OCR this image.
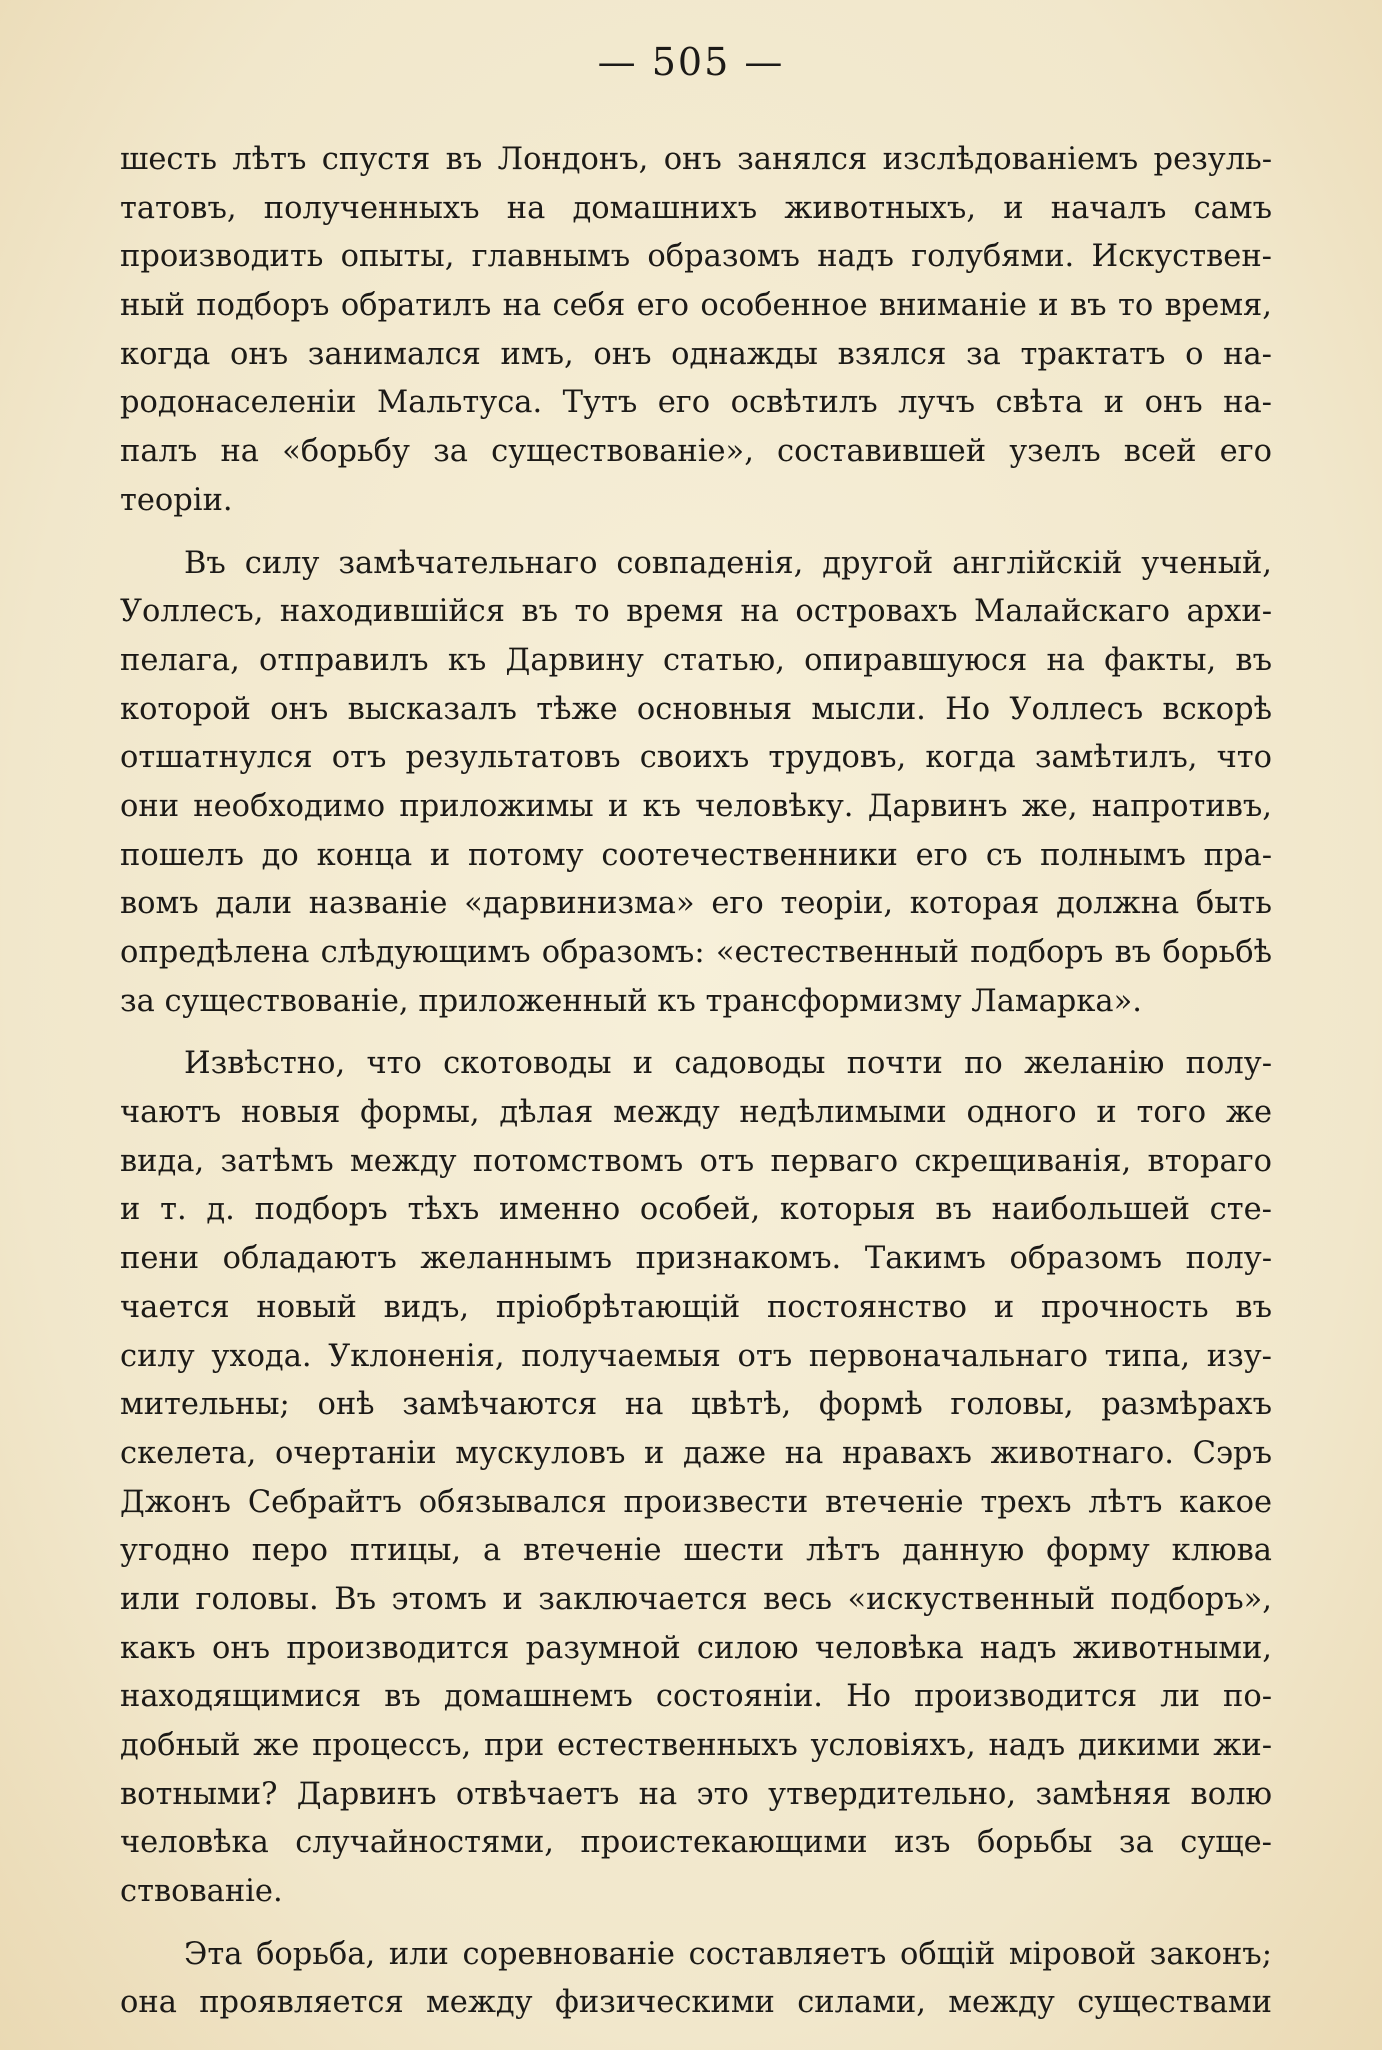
— 505 —
шесть лѣтъ спустя въ Лондонъ, онъ занялся изслѣдованіемъ резуль-
татовъ, полученныхъ на домашнихъ животныхъ, и началъ самъ
производить опыты, главнымъ образомъ надъ голубями. Искуствен-
ный подборъ обратилъ на себя его особенное вниманіе и въ то время,
когда онъ занимался имъ, онъ однажды взялся за трактатъ о на-
родонаселеніи Мальтуса. Тутъ его освѣтилъ лучъ свѣта и онъ на-
палъ на «борьбу за существованіе», составившей узелъ всей его
теоріи.
Въ силу замѣчательнаго совпаденія, другой англійскій ученый,
Уоллесъ, находившійся въ то время на островахъ Малайскаго архи-
пелага, отправилъ къ Дарвину статью, опиравшуюся на факты, въ
которой онъ высказалъ тѣже основныя мысли. Но Уоллесъ вскорѣ
отшатнулся отъ результатовъ своихъ трудовъ, когда замѣтилъ, что
они необходимо приложимы и къ человѣку. Дарвинъ же, напротивъ,
пошелъ до конца и потому соотечественники его съ полнымъ пра-
вомъ дали названіе «дарвинизма» его теоріи, которая должна быть
опредѣлена слѣдующимъ образомъ: «естественный подборъ въ борьбѣ
за существованіе, приложенный къ трансформизму Ламарка».
Извѣстно, что скотоводы и садоводы почти по желанію полу-
чаютъ новыя формы, дѣлая между недѣлимыми одного и того же
вида, затѣмъ между потомствомъ отъ перваго скрещиванія, втораго
и т. д. подборъ тѣхъ именно особей, которыя въ наибольшей сте-
пени обладаютъ желаннымъ признакомъ. Такимъ образомъ полу-
чается новый видъ, пріобрѣтающій постоянство и прочность въ
силу ухода. Уклоненія, получаемыя отъ первоначальнаго типа, изу-
мительны; онѣ замѣчаются на цвѣтѣ, формѣ головы, размѣрахъ
скелета, очертаніи мускуловъ и даже на нравахъ животнаго. Сэръ
Джонъ Себрайтъ обязывался произвести втеченіе трехъ лѣтъ какое
угодно перо птицы, а втеченіе шести лѣтъ данную форму клюва
или головы. Въ этомъ и заключается весь «искуственный подборъ»,
какъ онъ производится разумной силою человѣка надъ животными,
находящимися въ домашнемъ состояніи. Но производится ли по-
добный же процессъ, при естественныхъ условіяхъ, надъ дикими жи-
вотными? Дарвинъ отвѣчаетъ на это утвердительно, замѣняя волю
человѣка случайностями, проистекающими изъ борьбы за суще-
ствованіе.
Эта борьба, или соревнованіе составляетъ общій міровой законъ;
она проявляется между физическими силами, между существами
